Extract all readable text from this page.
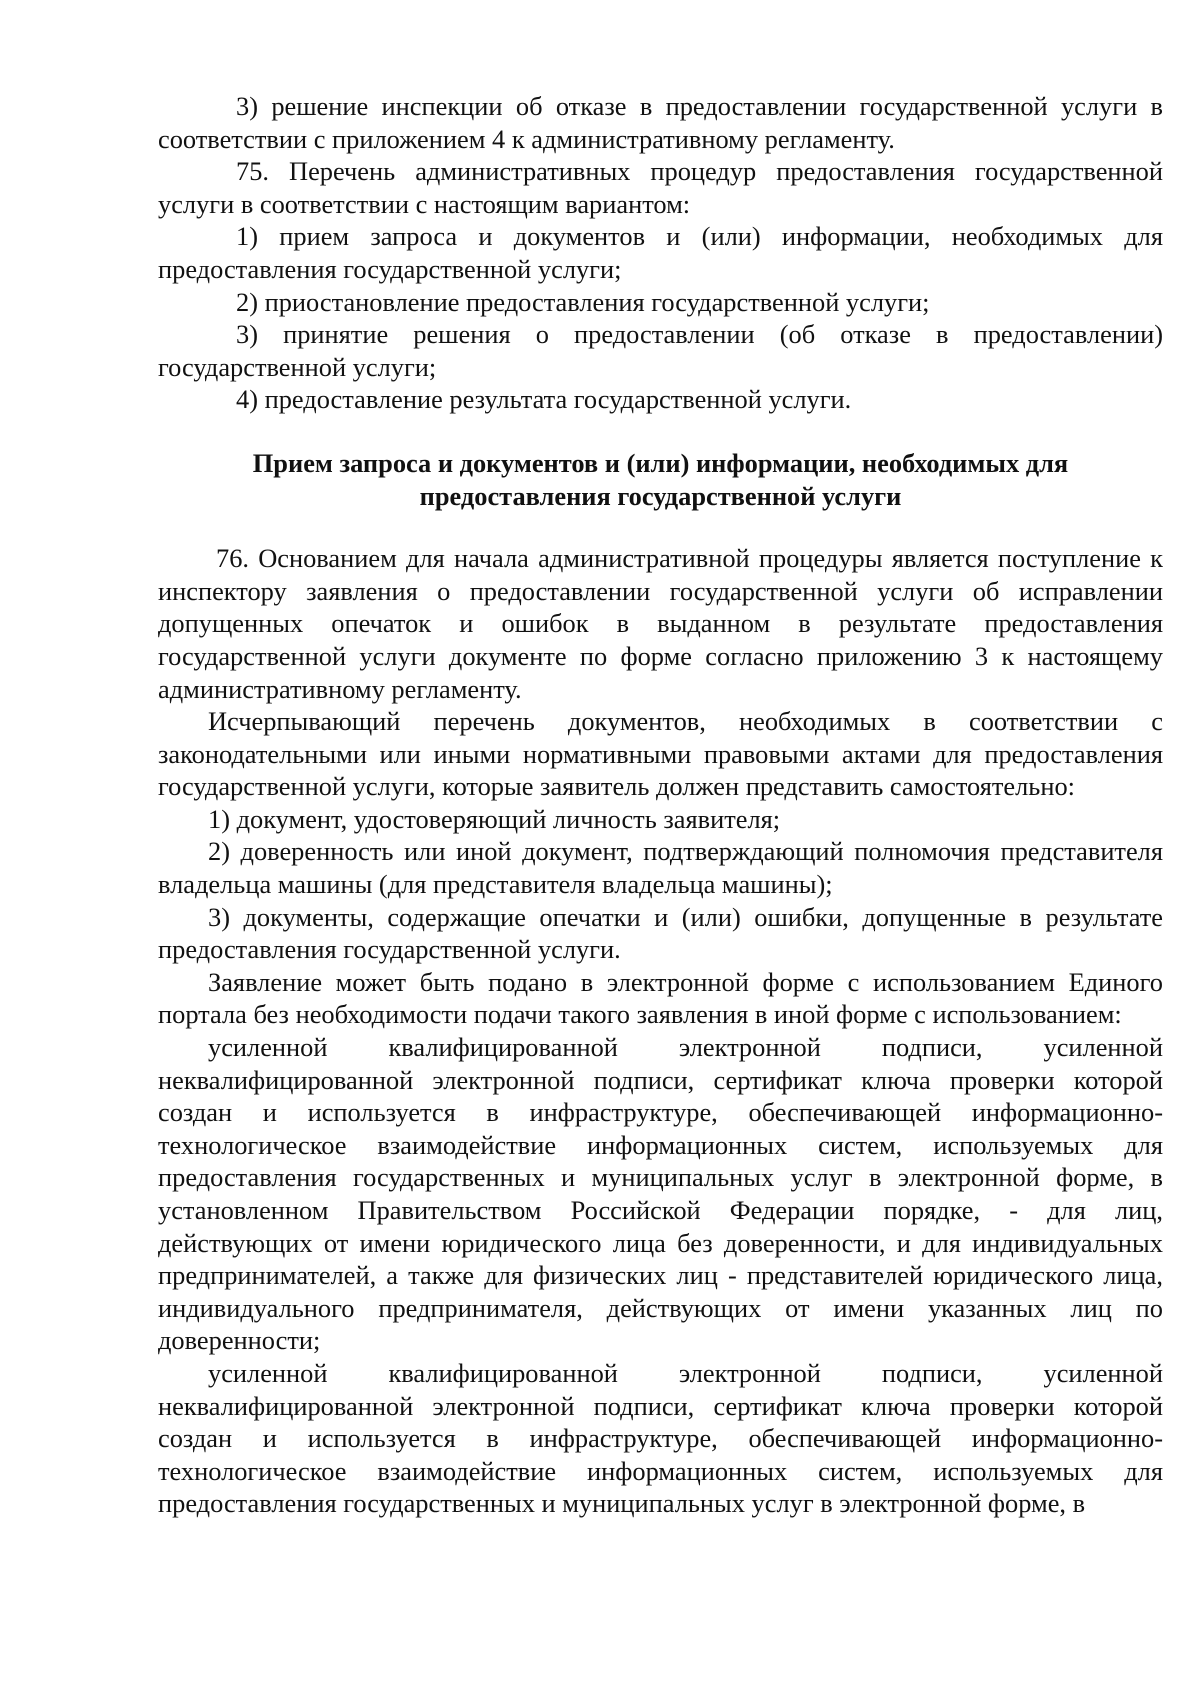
3) решение инспекции об отказе в предоставлении государственной услуги в соответствии с приложением 4 к административному регламенту.

75. Перечень административных процедур предоставления государственной услуги в соответствии с настоящим вариантом:

1) прием запроса и документов и (или) информации, необходимых для предоставления государственной услуги;

2) приостановление предоставления государственной услуги;

3) принятие решения о предоставлении (об отказе в предоставлении) государственной услуги;

4) предоставление результата государственной услуги.

Прием запроса и документов и (или) информации, необходимых для
предоставления государственной услуги

76. Основанием для начала административной процедуры является поступление к инспектору заявления о предоставлении государственной услуги об исправлении допущенных опечаток и ошибок в выданном в результате предоставления государственной услуги документе по форме согласно приложению 3 к настоящему административному регламенту.

Исчерпывающий перечень документов, необходимых в соответствии с законодательными или иными нормативными правовыми актами для предоставления государственной услуги, которые заявитель должен представить самостоятельно:

1) документ, удостоверяющий личность заявителя;

2) доверенность или иной документ, подтверждающий полномочия представителя владельца машины (для представителя владельца машины);

3) документы, содержащие опечатки и (или) ошибки, допущенные в результате предоставления государственной услуги.

Заявление может быть подано в электронной форме с использованием Единого портала без необходимости подачи такого заявления в иной форме с использованием:

усиленной квалифицированной электронной подписи, усиленной неквалифицированной электронной подписи, сертификат ключа проверки которой создан и используется в инфраструктуре, обеспечивающей информационно-технологическое взаимодействие информационных систем, используемых для предоставления государственных и муниципальных услуг в электронной форме, в установленном Правительством Российской Федерации порядке, - для лиц, действующих от имени юридического лица без доверенности, и для индивидуальных предпринимателей, а также для физических лиц - представителей юридического лица, индивидуального предпринимателя, действующих от имени указанных лиц по доверенности;

усиленной квалифицированной электронной подписи, усиленной неквалифицированной электронной подписи, сертификат ключа проверки которой создан и используется в инфраструктуре, обеспечивающей информационно-технологическое взаимодействие информационных систем, используемых для предоставления государственных и муниципальных услуг в электронной форме, в
